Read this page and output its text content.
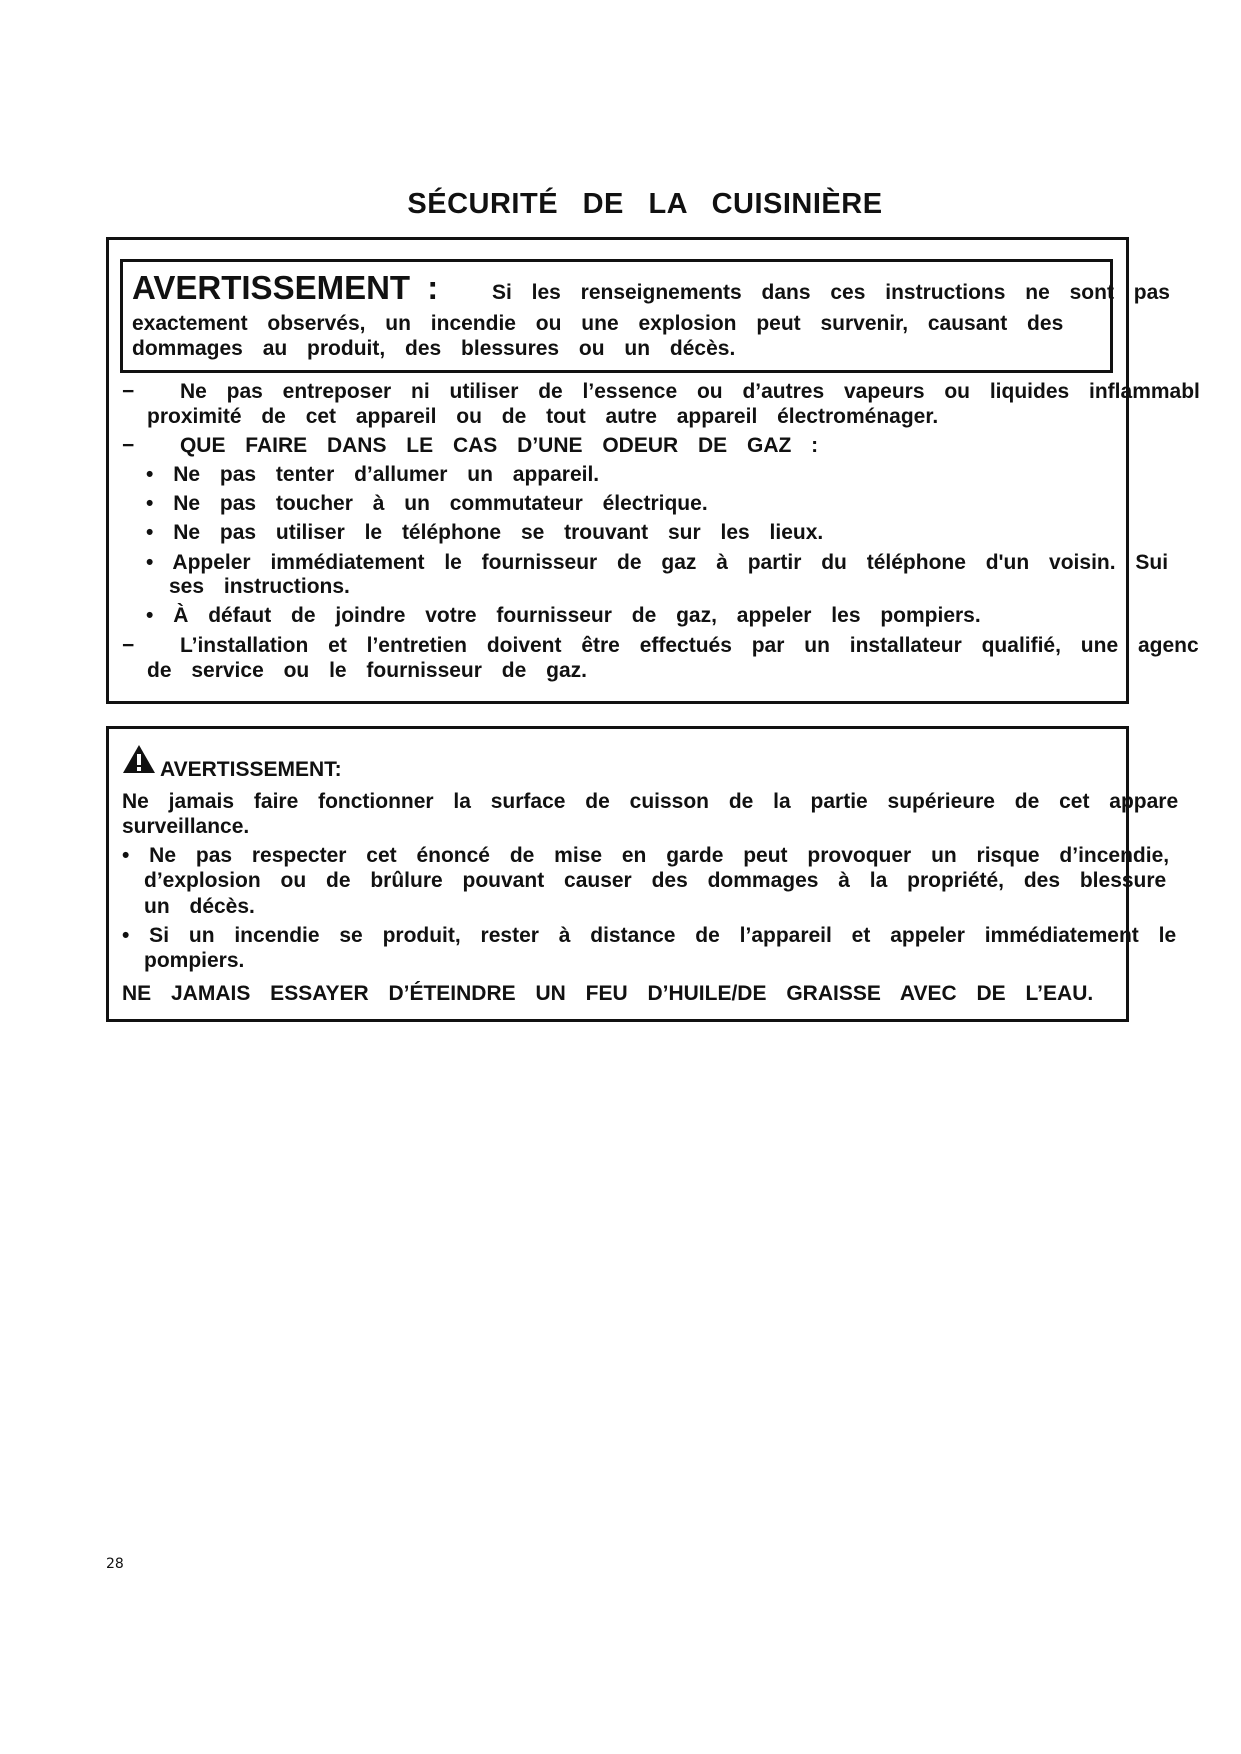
SÉCURITÉ DE LA CUISINIÈRE
AVERTISSEMENT :	Si les renseignements dans ces instructions ne sont pas
exactement observés, un incendie ou une explosion peut survenir, causant des
dommages au produit, des blessures ou un décès.
− Ne pas entreposer ni utiliser de l’essence ou d’autres vapeurs ou liquides inflammabl
proximité de cet appareil ou de tout autre appareil électroménager.
− QUE FAIRE DANS LE CAS D’UNE ODEUR DE GAZ :
• Ne pas tenter d’allumer un appareil.
• Ne pas toucher à un commutateur électrique.
• Ne pas utiliser le téléphone se trouvant sur les lieux.
• Appeler immédiatement le fournisseur de gaz à partir du téléphone d'un voisin. Sui
ses instructions.
• À défaut de joindre votre fournisseur de gaz, appeler les pompiers.
− L’installation et l’entretien doivent être effectués par un installateur qualifié, une agenc
de service ou le fournisseur de gaz.
AVERTISSEMENT:
Ne jamais faire fonctionner la surface de cuisson de la partie supérieure de cet appare
surveillance.
• Ne pas respecter cet énoncé de mise en garde peut provoquer un risque d’incendie,
d’explosion ou de brûlure pouvant causer des dommages à la propriété, des blessure
un décès.
• Si un incendie se produit, rester à distance de l’appareil et appeler immédiatement le
pompiers.
NE JAMAIS ESSAYER D’ÉTEINDRE UN FEU D’HUILE/DE GRAISSE AVEC DE L’EAU.
28
